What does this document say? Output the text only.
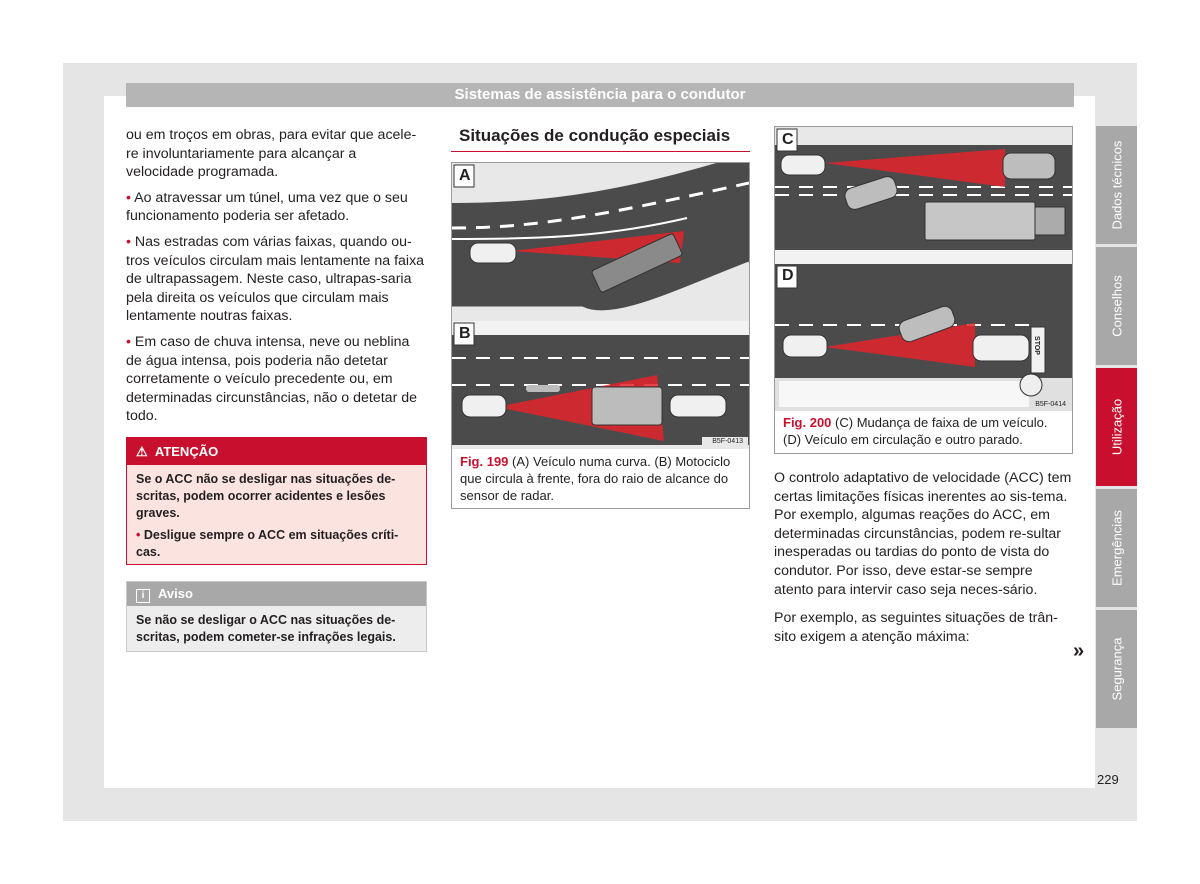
Sistemas de assistência para o condutor

ou em troços em obras, para evitar que acele-re involuntariamente para alcançar a velocidade programada.

• Ao atravessar um túnel, uma vez que o seu funcionamento poderia ser afetado.

• Nas estradas com várias faixas, quando ou-tros veículos circulam mais lentamente na faixa de ultrapassagem. Neste caso, ultrapas-saria pela direita os veículos que circulam mais lentamente noutras faixas.

• Em caso de chuva intensa, neve ou neblina de água intensa, pois poderia não detetar corretamente o veículo precedente ou, em determinadas circunstâncias, não o detetar de todo.

⚠  ATENÇÃO

Se o ACC não se desligar nas situações de-scritas, podem ocorrer acidentes e lesões graves.

• Desligue sempre o ACC em situações críti-cas.

i Aviso

Se não se desligar o ACC nas situações de-scritas, podem cometer-se infrações legais.

Situações de condução especiais
A
B
B5F-0413
Fig. 199 (A) Veículo numa curva. (B) Motociclo que circula à frente, fora do raio de alcance do sensor de radar.
C
D
STOP
B5F-0414
Fig. 200 (C) Mudança de faixa de um veículo. (D) Veículo em circulação e outro parado.

O controlo adaptativo de velocidade (ACC) tem certas limitações físicas inerentes ao sis-tema. Por exemplo, algumas reações do ACC, em determinadas circunstâncias, podem re-sultar inesperadas ou tardias do ponto de vista do condutor. Por isso, deve estar-se sempre atento para intervir caso seja neces-sário.

Por exemplo, as seguintes situações de trân-sito exigem a atenção máxima:

»
Dados técnicos
Conselhos
Utilização
Emergências
Segurança
229
